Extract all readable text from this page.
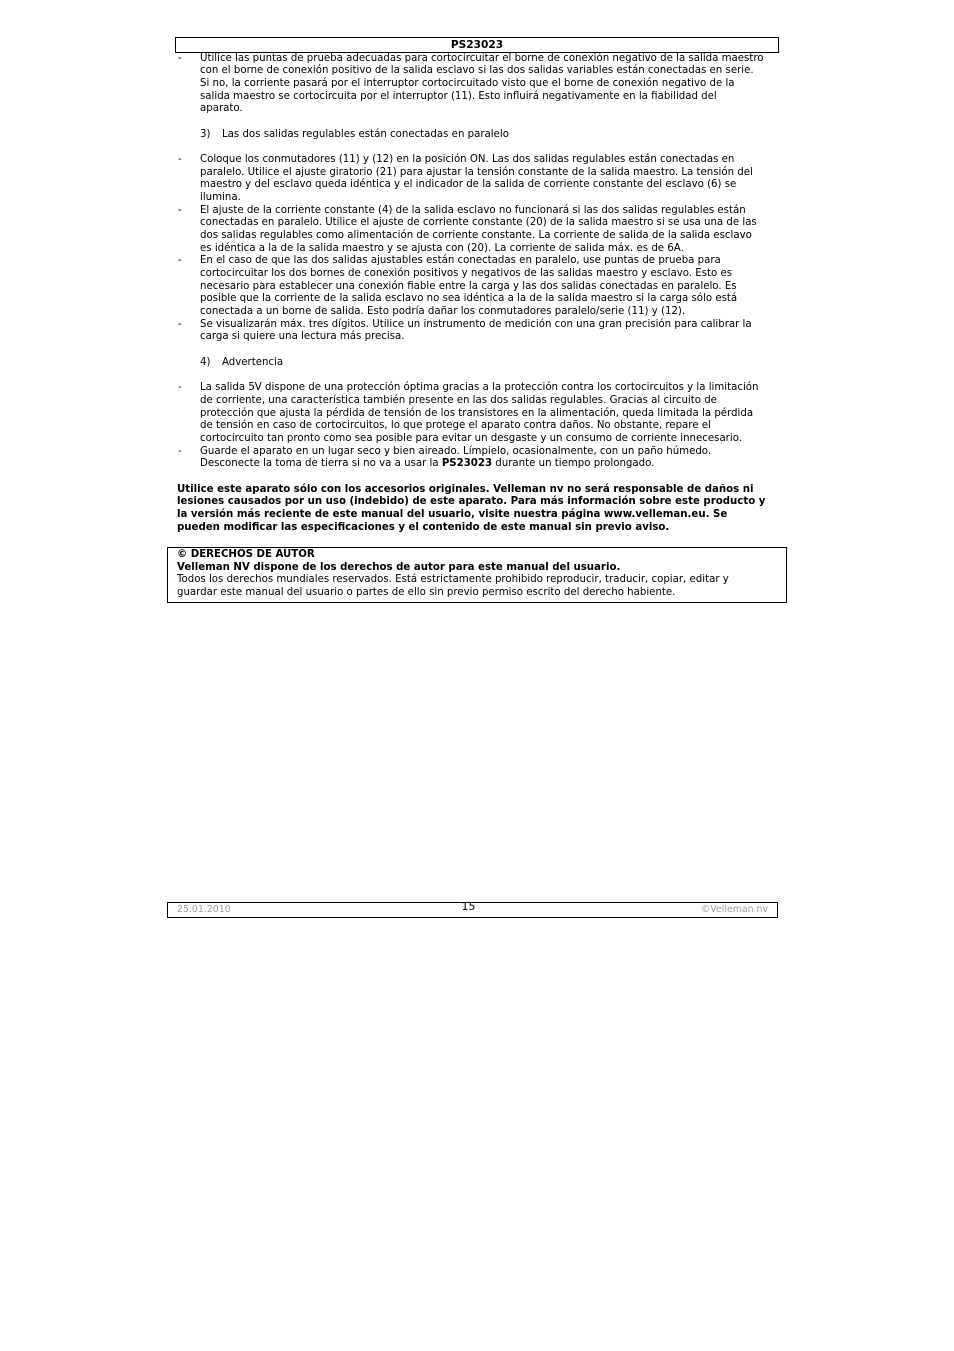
PS23023
- Utilice las puntas de prueba adecuadas para cortocircuitar el borne de conexión negativo de la salida maestro
con el borne de conexión positivo de la salida esclavo si las dos salidas variables están conectadas en serie.
Si no, la corriente pasará por el interruptor cortocircuitado visto que el borne de conexión negativo de la
salida maestro se cortocircuita por el interruptor (11). Esto influirá negativamente en la fiabilidad del
aparato.
3) Las dos salidas regulables están conectadas en paralelo
- Coloque los conmutadores (11) y (12) en la posición ON. Las dos salidas regulables están conectadas en
paralelo. Utilice el ajuste giratorio (21) para ajustar la tensión constante de la salida maestro. La tensión del
maestro y del esclavo queda idéntica y el indicador de la salida de corriente constante del esclavo (6) se
ilumina.
- El ajuste de la corriente constante (4) de la salida esclavo no funcionará si las dos salidas regulables están
conectadas en paralelo. Utilice el ajuste de corriente constante (20) de la salida maestro si se usa una de las
dos salidas regulables como alimentación de corriente constante. La corriente de salida de la salida esclavo
es idéntica a la de la salida maestro y se ajusta con (20). La corriente de salida máx. es de 6A.
- En el caso de que las dos salidas ajustables están conectadas en paralelo, use puntas de prueba para
cortocircuitar los dos bornes de conexión positivos y negativos de las salidas maestro y esclavo. Esto es
necesario para establecer una conexión fiable entre la carga y las dos salidas conectadas en paralelo. Es
posible que la corriente de la salida esclavo no sea idéntica a la de la salida maestro si la carga sólo está
conectada a un borne de salida. Esto podría dañar los conmutadores paralelo/serie (11) y (12).
- Se visualizarán máx. tres dígitos. Utilice un instrumento de medición con una gran precisión para calibrar la
carga si quiere una lectura más precisa.
4) Advertencia
- La salida 5V dispone de una protección óptima gracias a la protección contra los cortocircuitos y la limitación
de corriente, una característica también presente en las dos salidas regulables. Gracias al circuito de
protección que ajusta la pérdida de tensión de los transistores en la alimentación, queda limitada la pérdida
de tensión en caso de cortocircuitos, lo que protege el aparato contra daños. No obstante, repare el
cortocircuito tan pronto como sea posible para evitar un desgaste y un consumo de corriente innecesario.
- Guarde el aparato en un lugar seco y bien aireado. Límpielo, ocasionalmente, con un paño húmedo.
Desconecte la toma de tierra si no va a usar la PS23023 durante un tiempo prolongado.
Utilice este aparato sólo con los accesorios originales. Velleman nv no será responsable de daños ni
lesiones causados por un uso (indebido) de este aparato. Para más información sobre este producto y
la versión más reciente de este manual del usuario, visite nuestra página www.velleman.eu. Se
pueden modificar las especificaciones y el contenido de este manual sin previo aviso.
© DERECHOS DE AUTOR
Velleman NV dispone de los derechos de autor para este manual del usuario.
Todos los derechos mundiales reservados. Está estrictamente prohibido reproducir, traducir, copiar, editar y
guardar este manual del usuario o partes de ello sin previo permiso escrito del derecho habiente.
25.01.2010	15	©Velleman nv
